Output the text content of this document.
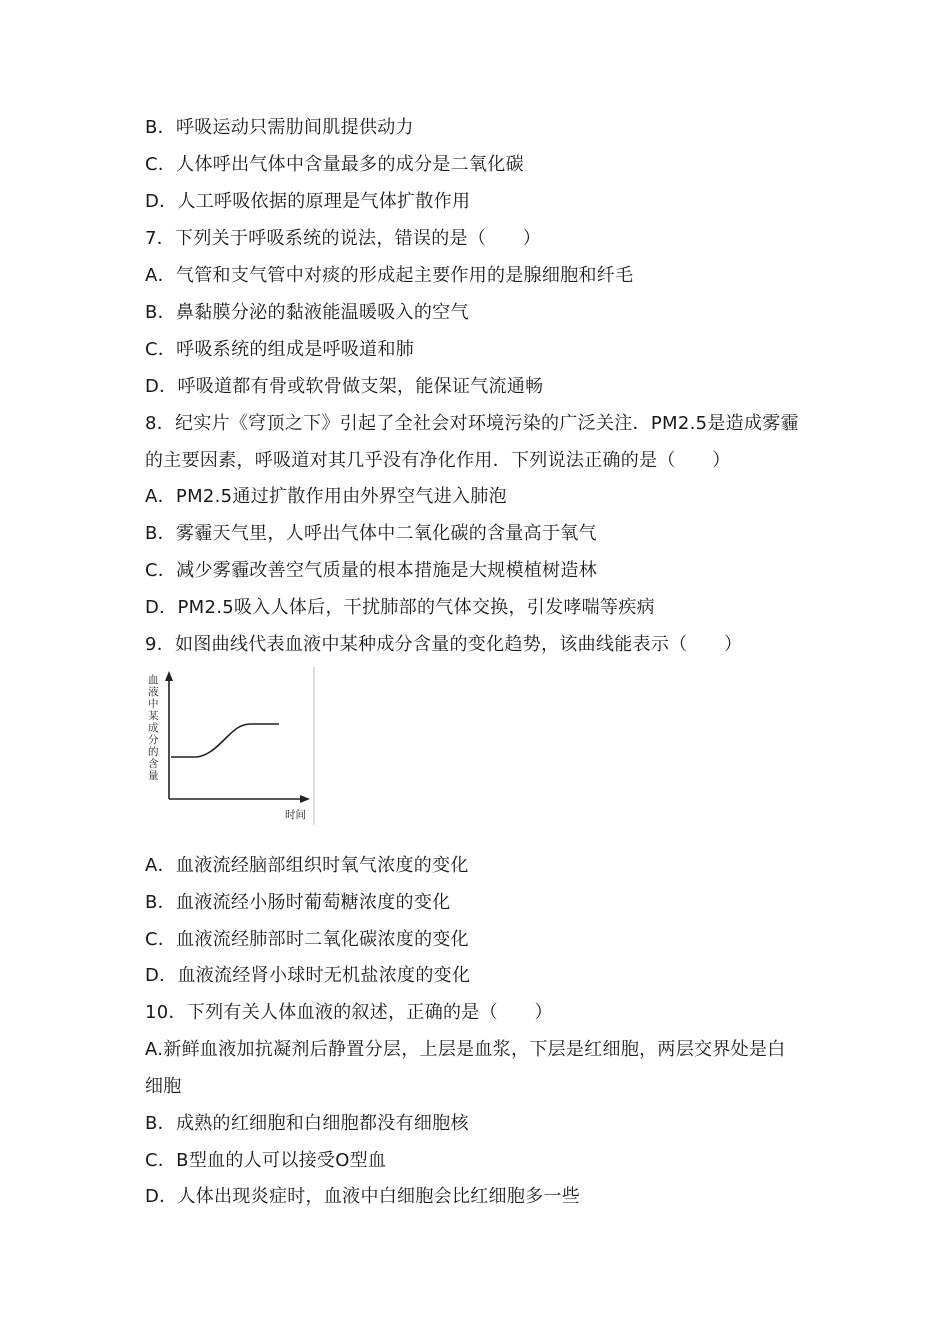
B．呼吸运动只需肋间肌提供动力
C．人体呼出气体中含量最多的成分是二氧化碳
D．人工呼吸依据的原理是气体扩散作用
7．下列关于呼吸系统的说法，错误的是（　　）
A．气管和支气管中对痰的形成起主要作用的是腺细胞和纤毛
B．鼻黏膜分泌的黏液能温暖吸入的空气
C．呼吸系统的组成是呼吸道和肺
D．呼吸道都有骨或软骨做支架，能保证气流通畅
8．纪实片《穹顶之下》引起了全社会对环境污染的广泛关注．PM2.5是造成雾霾
的主要因素，呼吸道对其几乎没有净化作用．下列说法正确的是（　　）
A．PM2.5通过扩散作用由外界空气进入肺泡
B．雾霾天气里，人呼出气体中二氧化碳的含量高于氧气
C．减少雾霾改善空气质量的根本措施是大规模植树造林
D．PM2.5吸入人体后，干扰肺部的气体交换，引发哮喘等疾病
9．如图曲线代表血液中某种成分含量的变化趋势，该曲线能表示（　　）
血
液
中
某
成
分
的
含
量
时间
A．血液流经脑部组织时氧气浓度的变化
B．血液流经小肠时葡萄糖浓度的变化
C．血液流经肺部时二氧化碳浓度的变化
D．血液流经肾小球时无机盐浓度的变化
10．下列有关人体血液的叙述，正确的是（　　）
A.新鲜血液加抗凝剂后静置分层，上层是血浆，下层是红细胞，两层交界处是白
细胞
B．成熟的红细胞和白细胞都没有细胞核
C．B型血的人可以接受O型血
D．人体出现炎症时，血液中白细胞会比红细胞多一些
